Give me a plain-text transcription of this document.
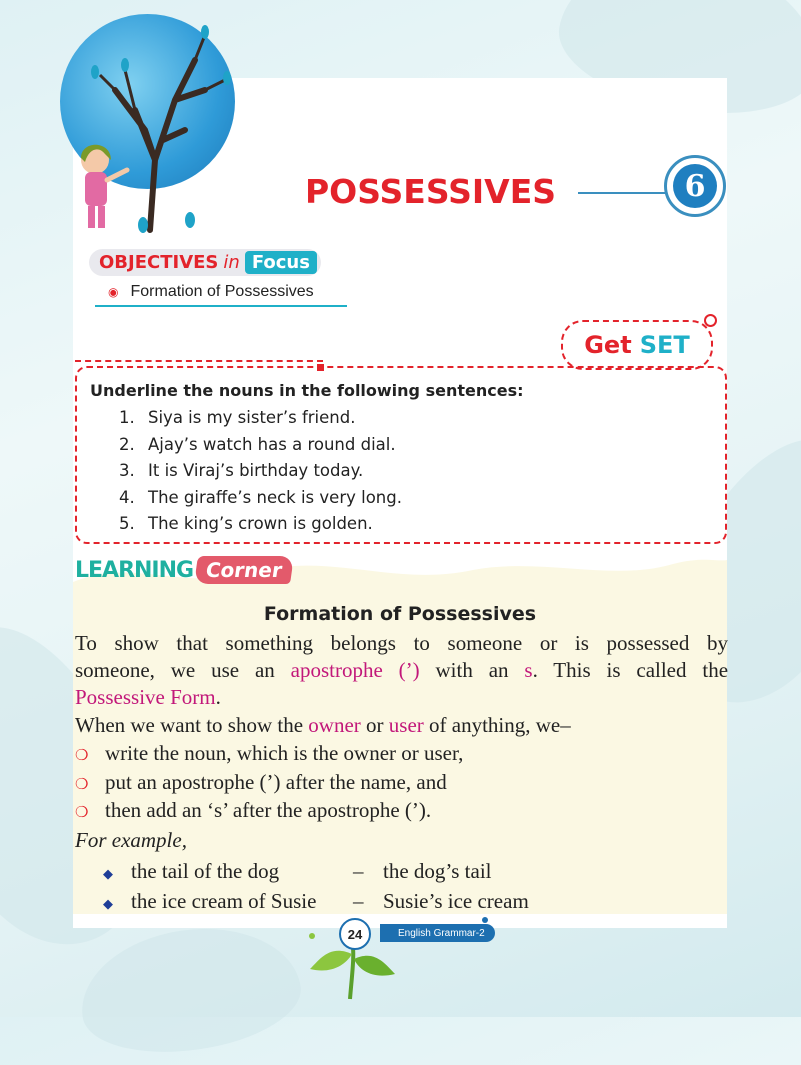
POSSESSIVES	6
OBJECTIVES in Focus
◉ Formation of Possessives
Get SET
Underline the nouns in the following sentences:
1. Siya is my sister’s friend.
2. Ajay’s watch has a round dial.
3. It is Viraj’s birthday today.
4. The giraffe’s neck is very long.
5. The king’s crown is golden.
LEARNING Corner
Formation of Possessives
To show that something belongs to someone or is possessed by
someone, we use an apostrophe (’) with an s. This is called the
Possessive Form.
When we want to show the owner or user of anything, we–
❍ write the noun, which is the owner or user,
❍ put an apostrophe (’) after the name, and
❍ then add an ‘s’ after the apostrophe (’).
For example,
◆ the tail of the dog	– the dog’s tail
◆ the ice cream of Susie – Susie’s ice cream
24	English Grammar-2
